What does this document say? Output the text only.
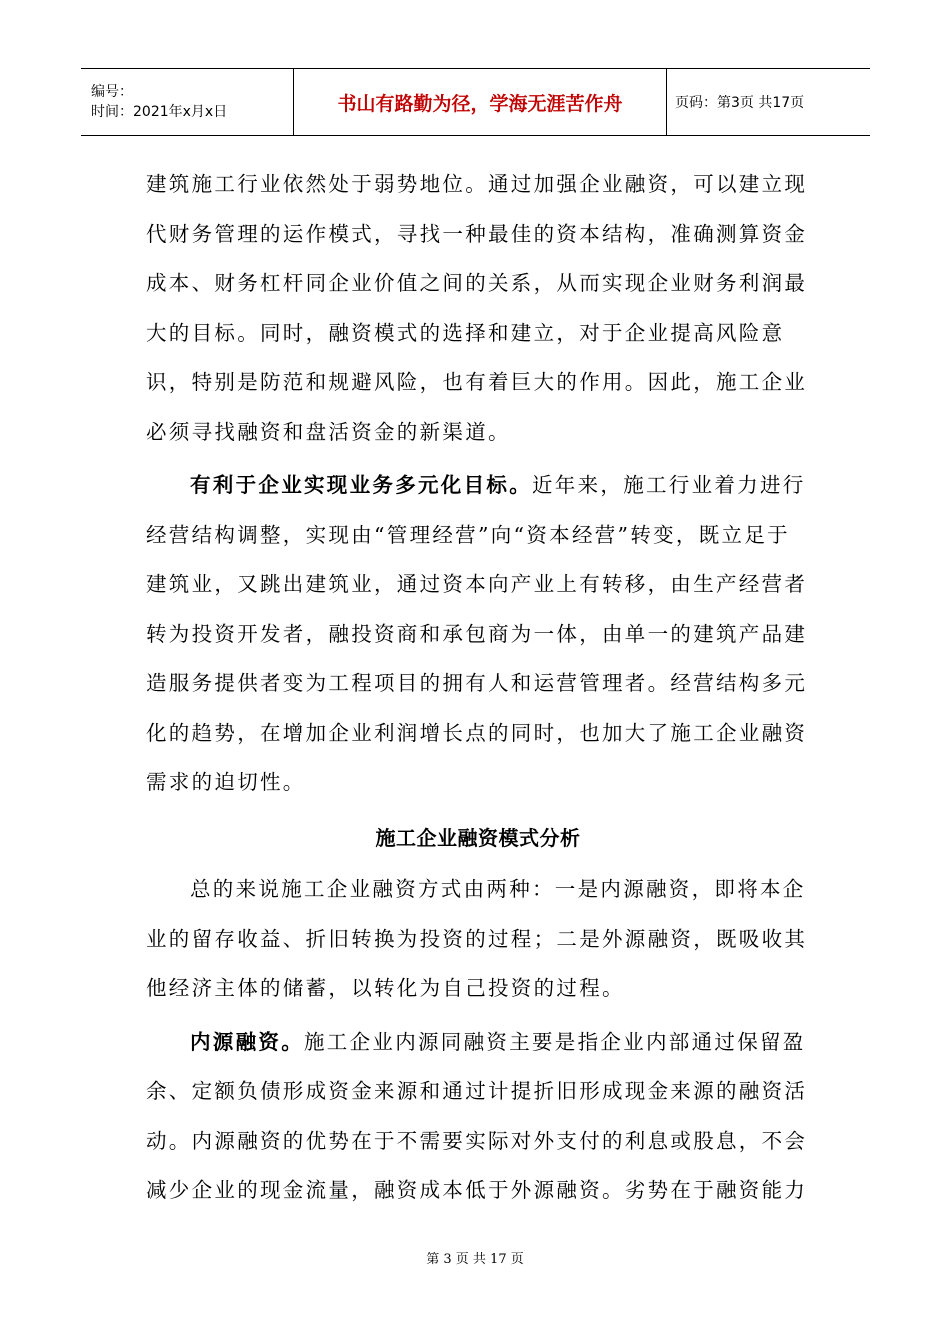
编号：
时间：2021年x月x日	书山有路勤为径，学海无涯苦作舟	页码：第3页 共17页

建筑施工行业依然处于弱势地位。通过加强企业融资，可以建立现代财务管理的运作模式，寻找一种最佳的资本结构，准确测算资金成本、财务杠杆同企业价值之间的关系，从而实现企业财务利润最大的目标。同时，融资模式的选择和建立，对于企业提高风险意识，特别是防范和规避风险，也有着巨大的作用。因此，施工企业必须寻找融资和盘活资金的新渠道。

有利于企业实现业务多元化目标。近年来，施工行业着力进行经营结构调整，实现由“管理经营”向“资本经营”转变，既立足于建筑业，又跳出建筑业，通过资本向产业上有转移，由生产经营者转为投资开发者，融投资商和承包商为一体，由单一的建筑产品建造服务提供者变为工程项目的拥有人和运营管理者。经营结构多元化的趋势，在增加企业利润增长点的同时，也加大了施工企业融资需求的迫切性。

施工企业融资模式分析

总的来说施工企业融资方式由两种：一是内源融资，即将本企业的留存收益、折旧转换为投资的过程；二是外源融资，既吸收其他经济主体的储蓄，以转化为自己投资的过程。

内源融资。施工企业内源同融资主要是指企业内部通过保留盈余、定额负债形成资金来源和通过计提折旧形成现金来源的融资活动。内源融资的优势在于不需要实际对外支付的利息或股息，不会减少企业的现金流量，融资成本低于外源融资。劣势在于融资能力

第 3 页 共 17 页
